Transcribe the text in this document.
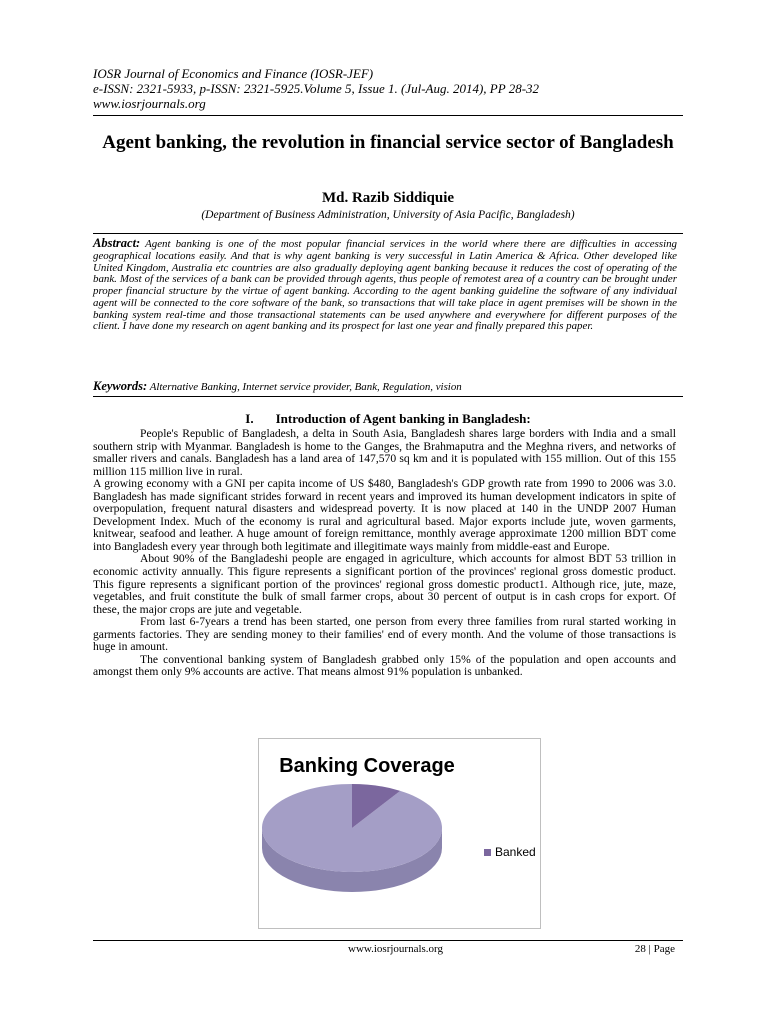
IOSR Journal of Economics and Finance (IOSR-JEF)
e-ISSN: 2321-5933, p-ISSN: 2321-5925.Volume 5, Issue 1. (Jul-Aug. 2014), PP 28-32
www.iosrjournals.org
Agent banking, the revolution in financial service sector of Bangladesh
Md. Razib Siddiquie
(Department of Business Administration, University of Asia Pacific, Bangladesh)
Abstract: Agent banking is one of the most popular financial services in the world where there are difficulties in accessing geographical locations easily. And that is why agent banking is very successful in Latin America & Africa. Other developed like United Kingdom, Australia etc countries are also gradually deploying agent banking because it reduces the cost of operating of the bank. Most of the services of a bank can be provided through agents, thus people of remotest area of a country can be brought under proper financial structure by the virtue of agent banking. According to the agent banking guideline the software of any individual agent will be connected to the core software of the bank, so transactions that will take place in agent premises will be shown in the banking system real-time and those transactional statements can be used anywhere and everywhere for different purposes of the client. I have done my research on agent banking and its prospect for last one year and finally prepared this paper.
Keywords: Alternative Banking, Internet service provider, Bank, Regulation, vision
I. Introduction of Agent banking in Bangladesh:

People's Republic of Bangladesh, a delta in South Asia, Bangladesh shares large borders with India and a small southern strip with Myanmar. Bangladesh is home to the Ganges, the Brahmaputra and the Meghna rivers, and networks of smaller rivers and canals. Bangladesh has a land area of 147,570 sq km and it is populated with 155 million. Out of this 155 million 115 million live in rural.

A growing economy with a GNI per capita income of US $480, Bangladesh's GDP growth rate from 1990 to 2006 was 3.0. Bangladesh has made significant strides forward in recent years and improved its human development indicators in spite of overpopulation, frequent natural disasters and widespread poverty. It is now placed at 140 in the UNDP 2007 Human Development Index. Much of the economy is rural and agricultural based. Major exports include jute, woven garments, knitwear, seafood and leather. A huge amount of foreign remittance, monthly average approximate 1200 million BDT come into Bangladesh every year through both legitimate and illegitimate ways mainly from middle-east and Europe.

About 90% of the Bangladeshi people are engaged in agriculture, which accounts for almost BDT 53 trillion in economic activity annually. This figure represents a significant portion of the provinces' regional gross domestic product. This figure represents a significant portion of the provinces' regional gross domestic product1. Although rice, jute, maze, vegetables, and fruit constitute the bulk of small farmer crops, about 30 percent of output is in cash crops for export. Of these, the major crops are jute and vegetable.

From last 6-7years a trend has been started, one person from every three families from rural started working in garments factories. They are sending money to their families' end of every month. And the volume of those transactions is huge in amount.

The conventional banking system of Bangladesh grabbed only 15% of the population and open accounts and amongst them only 9% accounts are active. That means almost 91% population is unbanked.

Banking Coverage
Banked
www.iosrjournals.org	28 | Page
